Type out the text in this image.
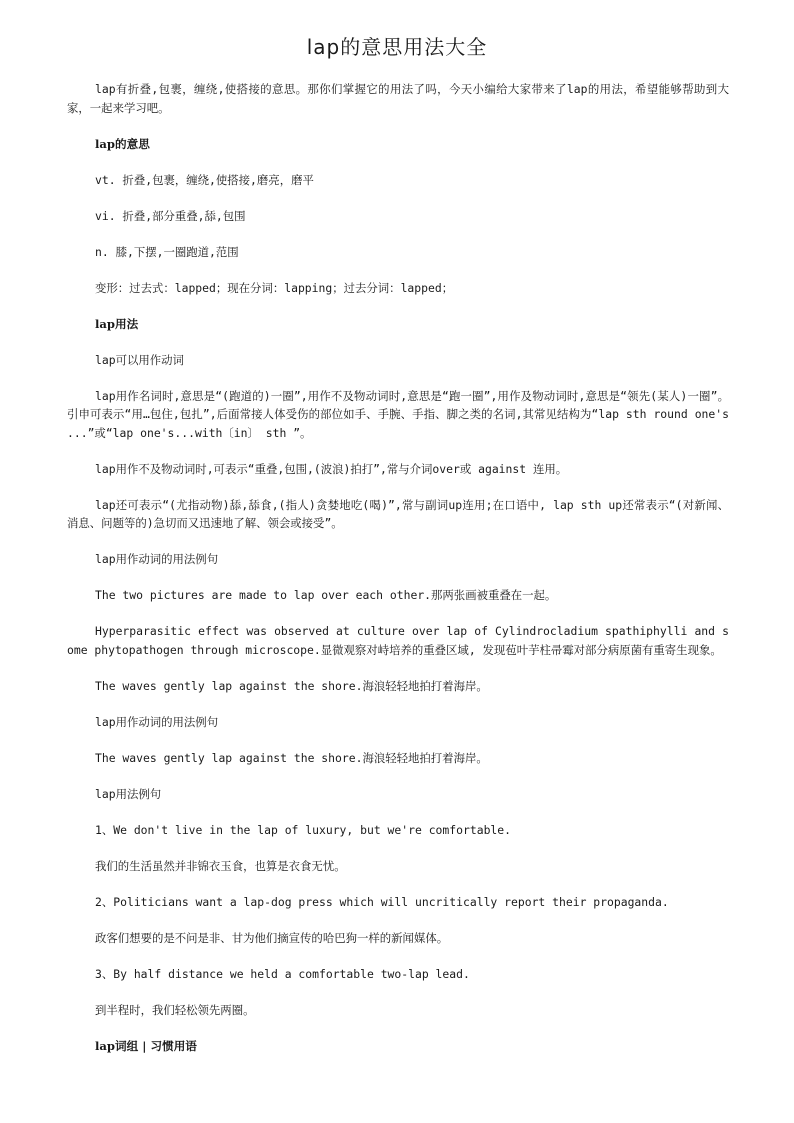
lap的意思用法大全

lap有折叠,包裹，缠绕,使搭接的意思。那你们掌握它的用法了吗，今天小编给大家带来了lap的用法，希望能够帮助到大家，一起来学习吧。

lap的意思

vt. 折叠,包裹，缠绕,使搭接,磨亮，磨平

vi. 折叠,部分重叠,舔,包围

n. 膝,下摆,一圈跑道,范围

变形：过去式：lapped；现在分词：lapping；过去分词：lapped；

lap用法

lap可以用作动词

lap用作名词时,意思是“(跑道的)一圈”,用作不及物动词时,意思是“跑一圈”,用作及物动词时,意思是“领先(某人)一圈”。引申可表示“用…包住,包扎”,后面常接人体受伤的部位如手、手腕、手指、脚之类的名词,其常见结构为“lap sth round one's ...”或“lap one's...with〔in〕 sth ”。

lap用作不及物动词时,可表示“重叠,包围,(波浪)拍打”,常与介词over或 against 连用。

lap还可表示“(尤指动物)舔,舔食,(指人)贪婪地吃(喝)”,常与副词up连用;在口语中, lap sth up还常表示“(对新闻、消息、问题等的)急切而又迅速地了解、领会或接受”。

lap用作动词的用法例句

The two pictures are made to lap over each other.那两张画被重叠在一起。

Hyperparasitic effect was observed at culture over lap of Cylindrocladium spathiphylli and some phytopathogen through microscope.显微观察对峙培养的重叠区域, 发现苞叶芋柱帚霉对部分病原菌有重寄生现象。

The waves gently lap against the shore.海浪轻轻地拍打着海岸。

lap用作动词的用法例句

The waves gently lap against the shore.海浪轻轻地拍打着海岸。

lap用法例句

1、We don't live in the lap of luxury, but we're comfortable.

我们的生活虽然并非锦衣玉食，也算是衣食无忧。

2、Politicians want a lap-dog press which will uncritically report their propaganda.

政客们想要的是不问是非、甘为他们摘宣传的哈巴狗一样的新闻媒体。

3、By half distance we held a comfortable two-lap lead.

到半程时，我们轻松领先两圈。

lap词组 | 习惯用语
